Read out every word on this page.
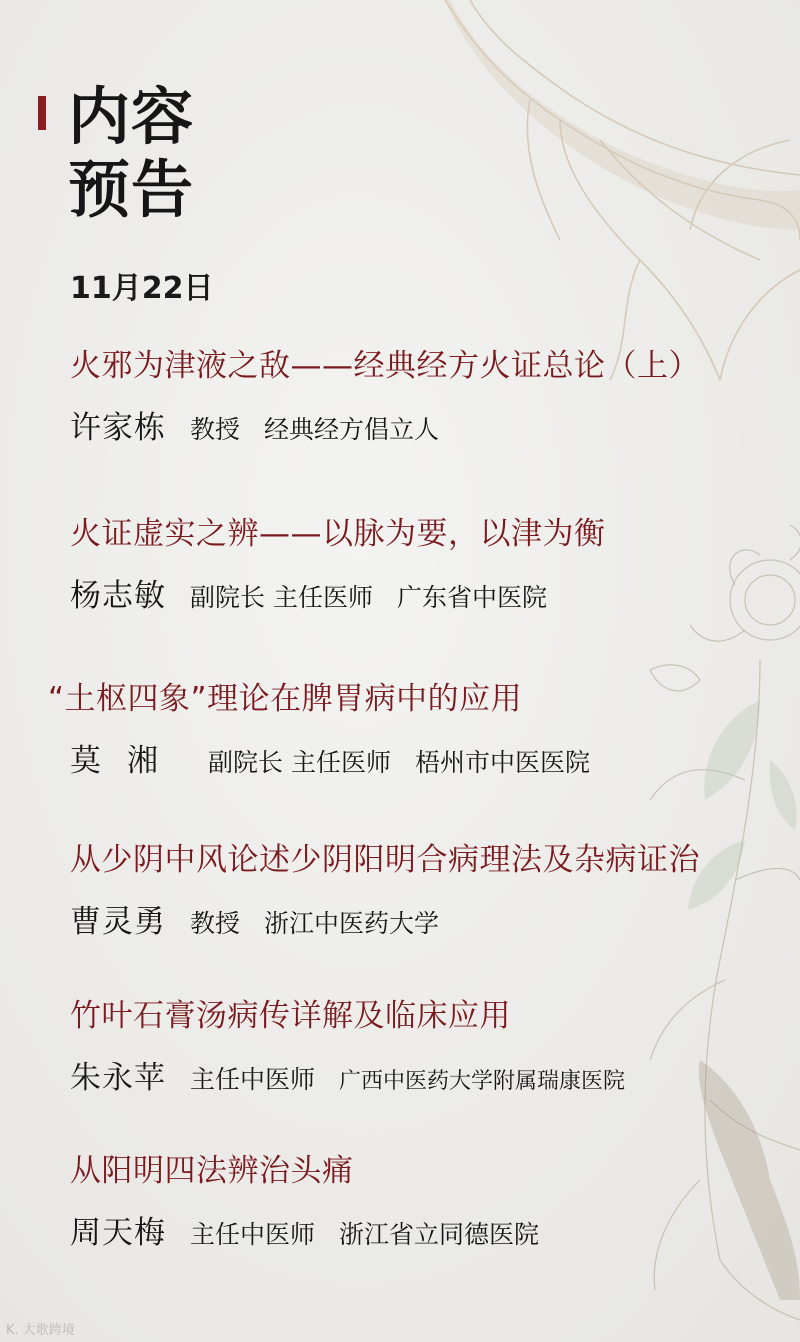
内容
预告
11月22日
火邪为津液之敌——经典经方火证总论（上）
许家栋 教授 经典经方倡立人
火证虚实之辨——以脉为要，以津为衡
杨志敏 副院长 主任医师 广东省中医院
“土枢四象”理论在脾胃病中的应用
莫湘 副院长 主任医师 梧州市中医医院
从少阴中风论述少阴阳明合病理法及杂病证治
曹灵勇 教授 浙江中医药大学
竹叶石膏汤病传详解及临床应用
朱永苹 主任中医师 广西中医药大学附属瑞康医院
从阳明四法辨治头痛
周天梅 主任中医师 浙江省立同德医院
K. 大歌跨境
